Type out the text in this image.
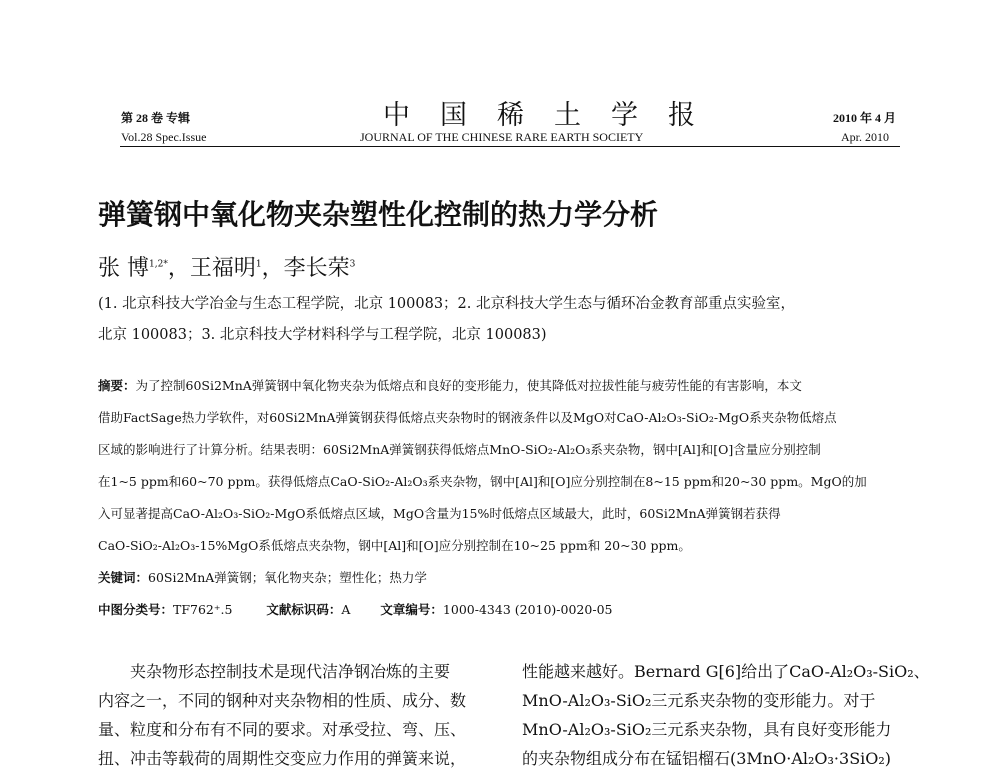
第 28 卷 专辑
Vol.28 Spec.Issue
中国稀土学报
JOURNAL OF THE CHINESE RARE EARTH SOCIETY
2010 年 4 月
Apr. 2010
弹簧钢中氧化物夹杂塑性化控制的热力学分析
张 博$^{1,2*}$，王福明$^1$，李长荣$^3$
(1. 北京科技大学冶金与生态工程学院，北京 100083；2. 北京科技大学生态与循环冶金教育部重点实验室，
北京 100083；3. 北京科技大学材料科学与工程学院，北京 100083)
摘要：为了控制60Si2MnA弹簧钢中氧化物夹杂为低熔点和良好的变形能力，使其降低对拉拔性能与疲劳性能的有害影响，本文
借助FactSage热力学软件，对60Si2MnA弹簧钢获得低熔点夹杂物时的钢液条件以及MgO对CaO-Al₂O₃-SiO₂-MgO系夹杂物低熔点
区域的影响进行了计算分析。结果表明：60Si2MnA弹簧钢获得低熔点MnO-SiO₂-Al₂O₃系夹杂物，钢中[Al]和[O]含量应分别控制
在1~5 ppm和60~70 ppm。获得低熔点CaO-SiO₂-Al₂O₃系夹杂物，钢中[Al]和[O]应分别控制在8~15 ppm和20~30 ppm。MgO的加
入可显著提高CaO-Al₂O₃-SiO₂-MgO系低熔点区域，MgO含量为15%时低熔点区域最大，此时，60Si2MnA弹簧钢若获得
CaO-SiO₂-Al₂O₃-15%MgO系低熔点夹杂物，钢中[Al]和[O]应分别控制在10~25 ppm和 20~30 ppm。
关键词：60Si2MnA弹簧钢；氧化物夹杂；塑性化；热力学
中图分类号：TF762⁺.5	文献标识码：A 文章编号：1000-4343 (2010)-0020-05
夹杂物形态控制技术是现代洁净钢冶炼的主要
内容之一，不同的钢种对夹杂物相的性质、成分、数
量、粒度和分布有不同的要求。对承受拉、弯、压、
扭、冲击等载荷的周期性交变应力作用的弹簧来说，
性能越来越好。Bernard G[6]给出了CaO-Al₂O₃-SiO₂、
MnO-Al₂O₃-SiO₂三元系夹杂物的变形能力。对于
MnO-Al₂O₃-SiO₂三元系夹杂物，具有良好变形能力
的夹杂物组成分布在锰铝榴石(3MnO·Al₂O₃·3SiO₂)
